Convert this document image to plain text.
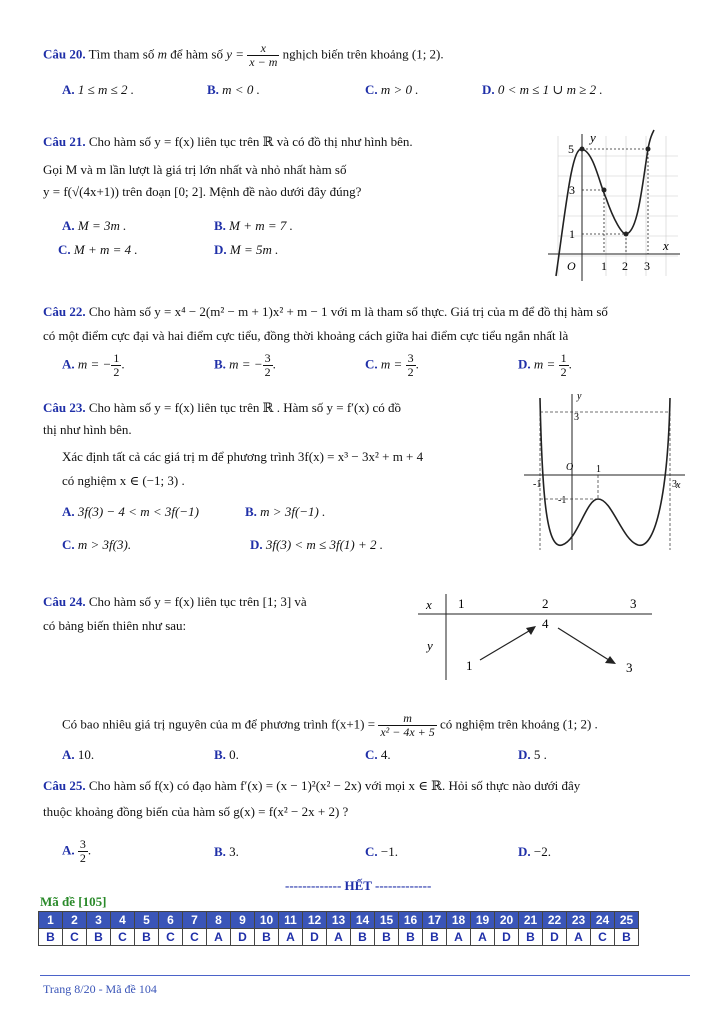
Câu 20. Tìm tham số m để hàm số $y = \frac{x}{x - m}$ nghịch biến trên khoảng (1; 2).
A. 1 ≤ m ≤ 2 .	B. m < 0 .	C. m > 0 .	D. 0 < m ≤ 1 ∪ m ≥ 2 .
Câu 21. Cho hàm số y = f(x) liên tục trên ℝ và có đồ thị như hình bên.
Gọi M và m lần lượt là giá trị lớn nhất và nhỏ nhất hàm số
y = f(√(4x+1)) trên đoạn [0; 2]. Mệnh đề nào dưới đây đúng?
A. M = 3m .	B. M + m = 7 .
C. M + m = 4 .	D. M = 5m .
y
x
O
5
3
1
1 2 3
Câu 22. Cho hàm số y = x⁴ − 2(m² − m + 1)x² + m − 1 với m là tham số thực. Giá trị của m để đồ thị hàm số
có một điểm cực đại và hai điểm cực tiểu, đồng thời khoảng cách giữa hai điểm cực tiểu ngắn nhất là
A. m = − $\frac{1}{2}$ .	B. m = − $\frac{3}{2}$ .	C. $m = \frac{3}{2}$ .	D. $m = \frac{1}{2}$ .
Câu 23. Cho hàm số y = f(x) liên tục trên ℝ . Hàm số y = f′(x) có đồ
thị như hình bên.
Xác định tất cả các giá trị m để phương trình 3f(x) = x³ − 3x² + m + 4
có nghiệm x ∈ (−1; 3) .
A. 3f(3) − 4 < m < 3f(−1)	B. m > 3f(−1) .
C. m > 3f(3).	D. 3f(3) < m ≤ 3f(1) + 2 .
y
x
3
O
-1
-1
1
3
Câu 24. Cho hàm số y = f(x) liên tục trên [1; 3] và
có bảng biến thiên như sau:
x
y
1	2	3
1
4
3
Có bao nhiêu giá trị nguyên của m để phương trình $f(x+1) = \frac{m}{\text{x² − 4x + 5}}$ có nghiệm trên khoảng (1; 2) .
A. 10.	B. 0.	C. 4.	D. 5 .
Câu 25. Cho hàm số f(x) có đạo hàm f′(x) = (x − 1)²(x² − 2x) với mọi x ∈ ℝ. Hỏi số thực nào dưới đây
thuộc khoảng đồng biến của hàm số g(x) = f(x² − 2x + 2) ?
A. $\frac{3}{2}$ .	B. 3.	C. −1.	D. −2.
------------- HẾT -------------
Mã đề [105]
1	2	3	4	5	6	7	8	9	10	11	12	13	14	15	16	17	18	19	20	21	22	23	24	25
B	C	B	C	B	C	C	A	D	B	A	D	A	B	B	B	B	A	A	D	B	D	A	C	B
Trang 8/20 - Mã đề 104
